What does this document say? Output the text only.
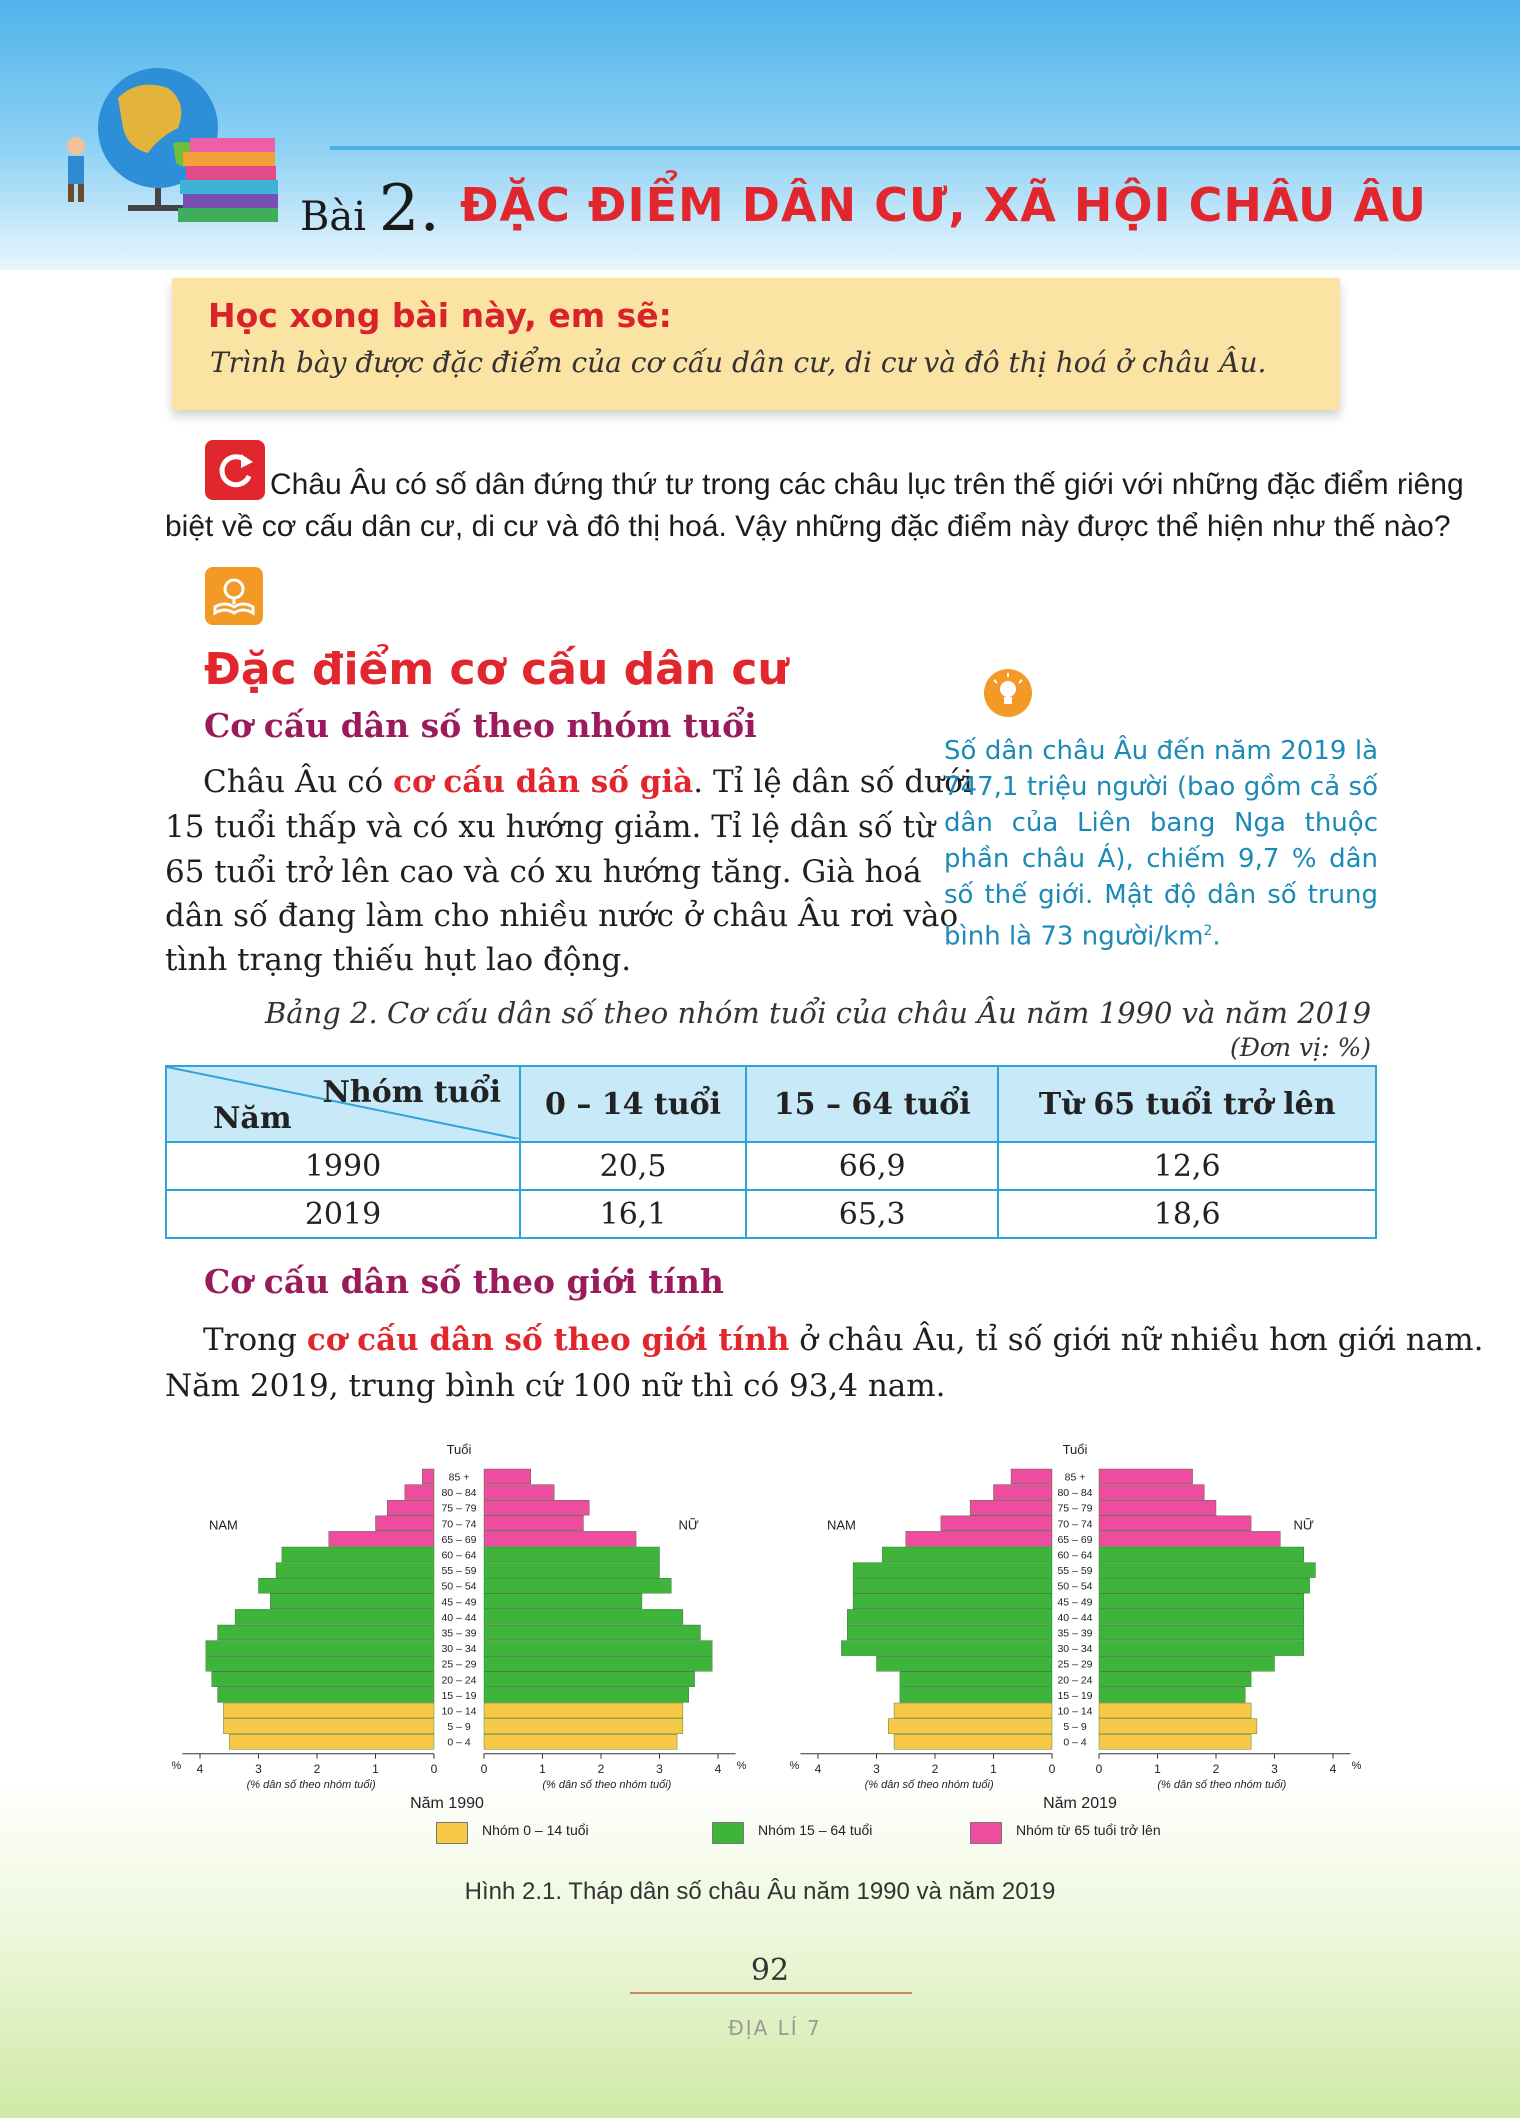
Bài 2. ĐẶC ĐIỂM DÂN CƯ, XÃ HỘI CHÂU ÂU
Học xong bài này, em sẽ:
Trình bày được đặc điểm của cơ cấu dân cư, di cư và đô thị hoá ở châu Âu.
Châu Âu có số dân đứng thứ tư trong các châu lục trên thế giới với những đặc điểm riêng
biệt về cơ cấu dân cư, di cư và đô thị hoá. Vậy những đặc điểm này được thể hiện như thế nào?
Đặc điểm cơ cấu dân cư
Cơ cấu dân số theo nhóm tuổi
Châu Âu có cơ cấu dân số già. Tỉ lệ dân số dưới
15 tuổi thấp và có xu hướng giảm. Tỉ lệ dân số từ
65 tuổi trở lên cao và có xu hướng tăng. Già hoá
dân số đang làm cho nhiều nước ở châu Âu rơi vào
tình trạng thiếu hụt lao động.
Số dân châu Âu đến năm 2019 là 747,1 triệu người (bao gồm cả số dân của Liên bang Nga thuộc phần châu Á), chiếm 9,7 % dân số thế giới. Mật độ dân số trung bình là 73 người/$km^2$.
Bảng 2. Cơ cấu dân số theo nhóm tuổi của châu Âu năm 1990 và năm 2019
(Đơn vị: %)
Nhóm tuổi
Năm	0 – 14 tuổi	15 – 64 tuổi	Từ 65 tuổi trở lên
1990	20,5	66,9	12,6
2019	16,1	65,3	18,6
Cơ cấu dân số theo giới tính
Trong cơ cấu dân số theo giới tính ở châu Âu, tỉ số giới nữ nhiều hơn giới nam.
Năm 2019, trung bình cứ 100 nữ thì có 93,4 nam.
Tuổi
85 +
80 – 84
75 – 79
70 – 74
65 – 69
60 – 64
55 – 59
50 – 54
45 – 49
40 – 44
35 – 39
30 – 34
25 – 29
20 – 24
15 – 19
10 – 14
5 – 9
0 – 4
4	3	2	1	0	0	1	2	3	4
%	%
(% dân số theo nhóm tuổi)	(% dân số theo nhóm tuổi)
NAM	NỮ
Năm 1990
Tuổi
85 +
80 – 84
75 – 79
70 – 74
65 – 69
60 – 64
55 – 59
50 – 54
45 – 49
40 – 44
35 – 39
30 – 34
25 – 29
20 – 24
15 – 19
10 – 14
5 – 9
0 – 4
4	3	2	1	0	0	1	2	3	4
%	%
(% dân số theo nhóm tuổi)	(% dân số theo nhóm tuổi)
NAM	NỮ
Năm 2019
Nhóm 0 – 14 tuổi	Nhóm 15 – 64 tuổi	Nhóm từ 65 tuổi trở lên
Hình 2.1. Tháp dân số châu Âu năm 1990 và năm 2019
92
ĐỊA LÍ 7
